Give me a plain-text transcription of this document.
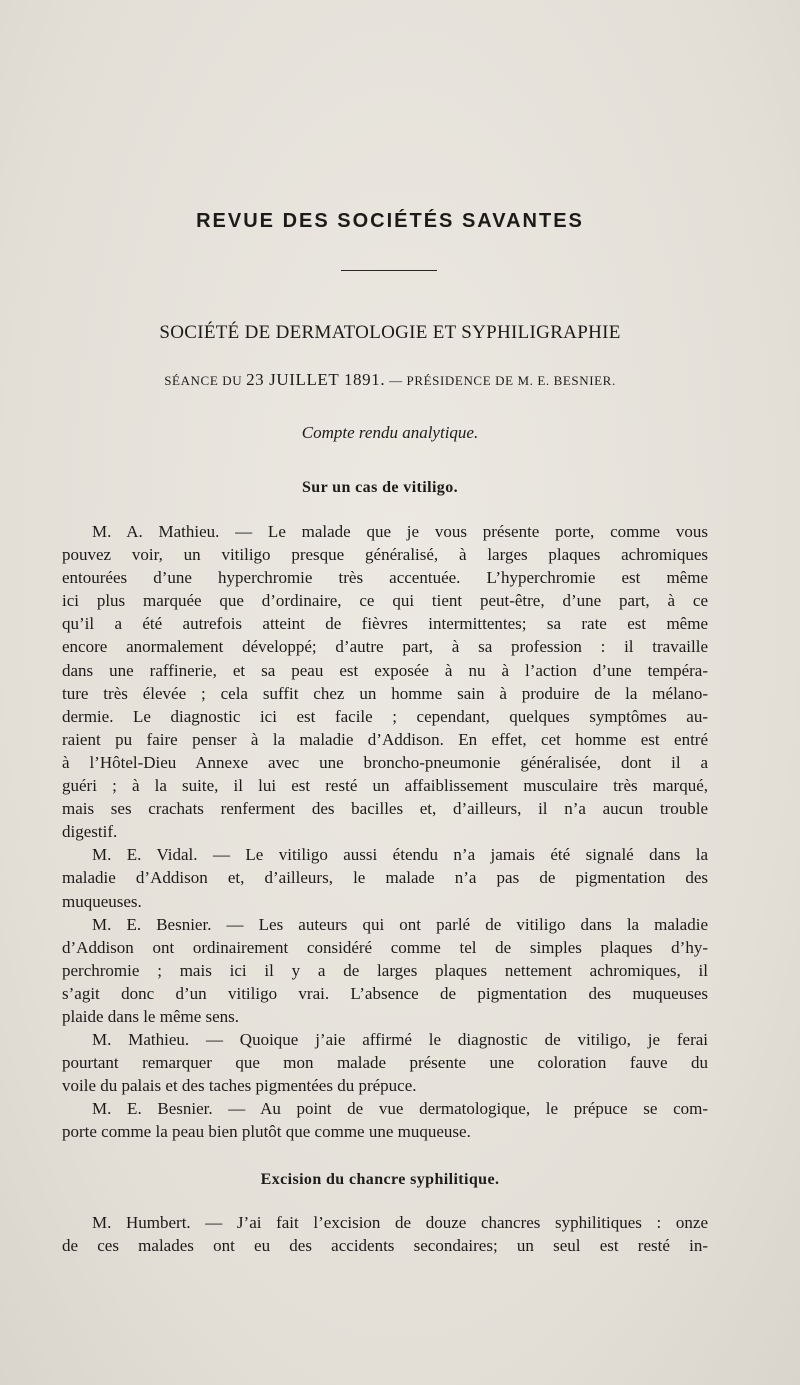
REVUE DES SOCIÉTÉS SAVANTES
SOCIÉTÉ DE DERMATOLOGIE ET SYPHILIGRAPHIE
SÉANCE DU 23 JUILLET 1891. — PRÉSIDENCE DE M. E. BESNIER.
Compte rendu analytique.
Sur un cas de vitiligo.

M. A. Mathieu. — Le malade que je vous présente porte, comme vous

pouvez voir, un vitiligo presque généralisé, à larges plaques achromiques

entourées d’une hyperchromie très accentuée. L’hyperchromie est même

ici plus marquée que d’ordinaire, ce qui tient peut-être, d’une part, à ce

qu’il a été autrefois atteint de fièvres intermittentes; sa rate est même

encore anormalement développé; d’autre part, à sa profession : il travaille

dans une raffinerie, et sa peau est exposée à nu à l’action d’une tempéra-

ture très élevée ; cela suffit chez un homme sain à produire de la mélano-

dermie. Le diagnostic ici est facile ; cependant, quelques symptômes au-

raient pu faire penser à la maladie d’Addison. En effet, cet homme est entré

à l’Hôtel-Dieu Annexe avec une broncho-pneumonie généralisée, dont il a

guéri ; à la suite, il lui est resté un affaiblissement musculaire très marqué,

mais ses crachats renferment des bacilles et, d’ailleurs, il n’a aucun trouble

digestif.

M. E. Vidal. — Le vitiligo aussi étendu n’a jamais été signalé dans la

maladie d’Addison et, d’ailleurs, le malade n’a pas de pigmentation des

muqueuses.

M. E. Besnier. — Les auteurs qui ont parlé de vitiligo dans la maladie

d’Addison ont ordinairement considéré comme tel de simples plaques d’hy-

perchromie ; mais ici il y a de larges plaques nettement achromiques, il

s’agit donc d’un vitiligo vrai. L’absence de pigmentation des muqueuses

plaide dans le même sens.

M. Mathieu. — Quoique j’aie affirmé le diagnostic de vitiligo, je ferai

pourtant remarquer que mon malade présente une coloration fauve du

voile du palais et des taches pigmentées du prépuce.

M. E. Besnier. — Au point de vue dermatologique, le prépuce se com-

porte comme la peau bien plutôt que comme une muqueuse.

Excision du chancre syphilitique.

M. Humbert. — J’ai fait l’excision de douze chancres syphilitiques : onze

de ces malades ont eu des accidents secondaires; un seul est resté in-
